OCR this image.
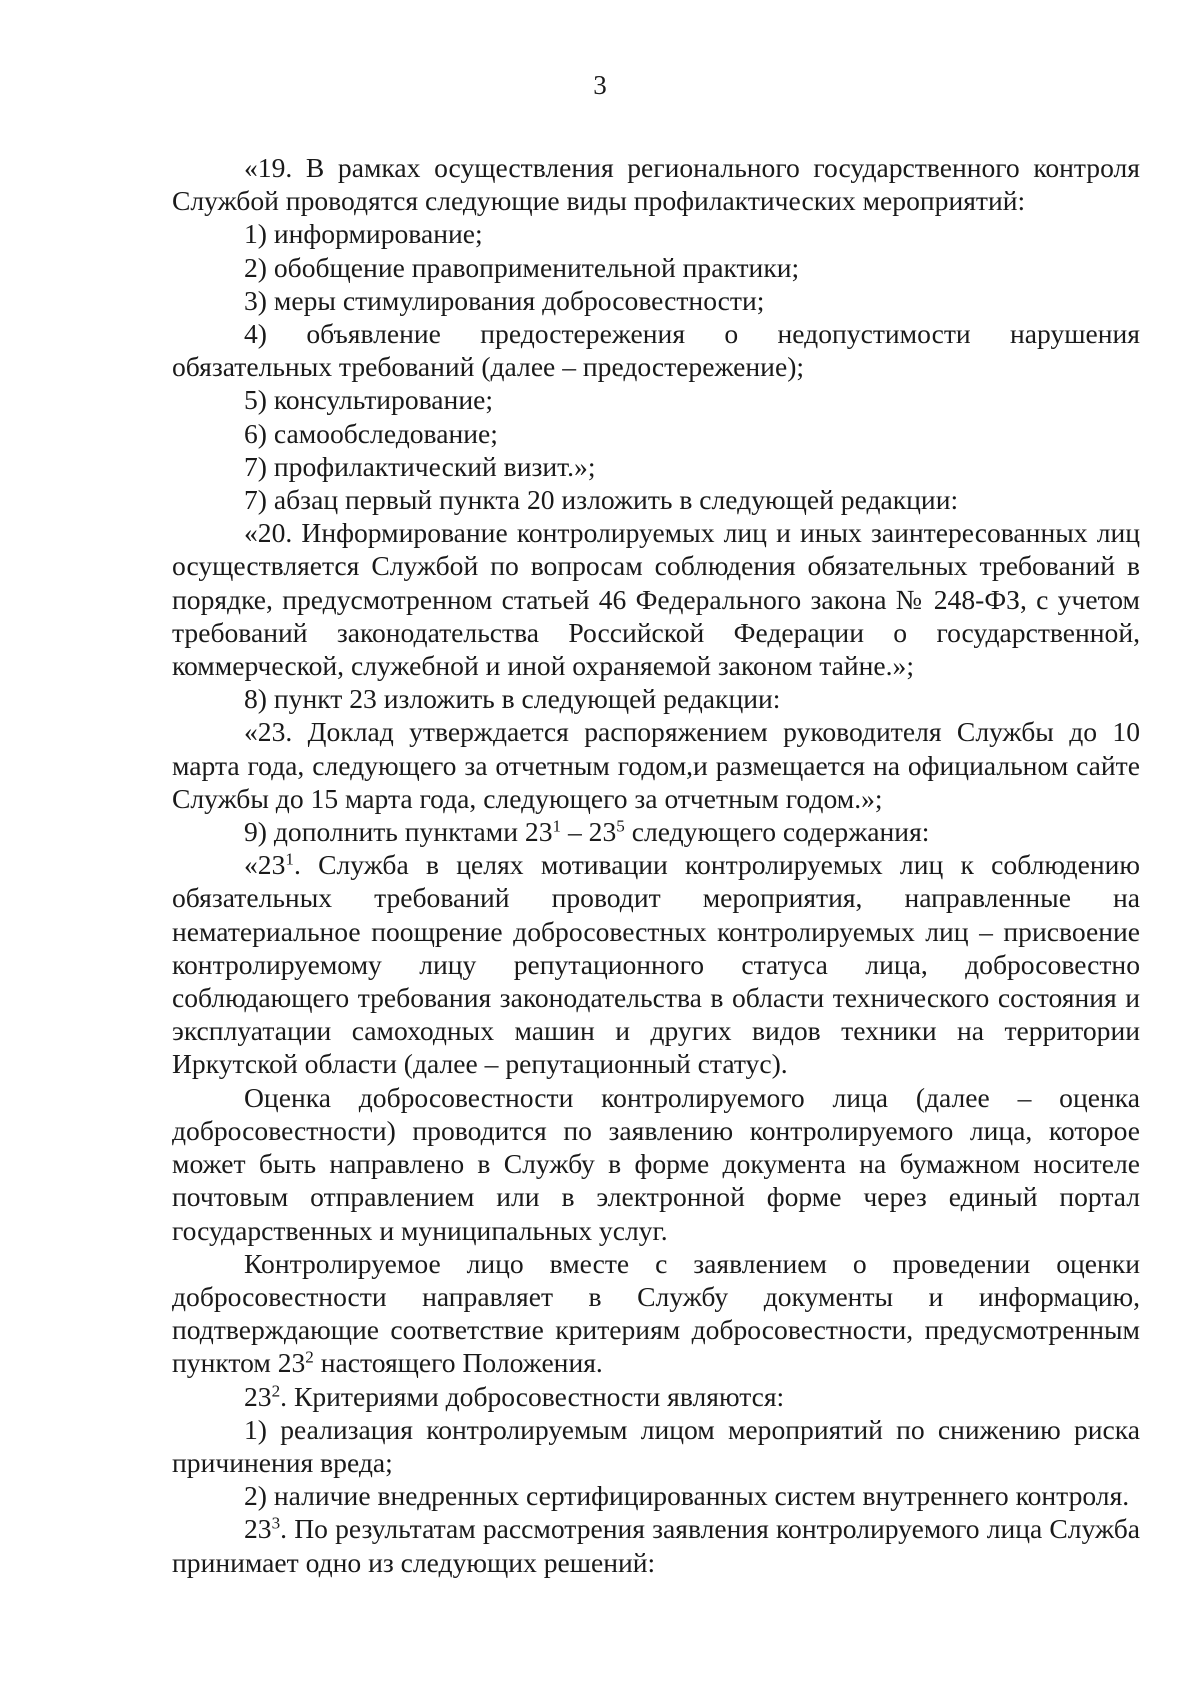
3

«19. В рамках осуществления регионального государственного контроля Службой проводятся следующие виды профилактических мероприятий:

1) информирование;

2) обобщение правоприменительной практики;

3) меры стимулирования добросовестности;

4) объявление предостережения о недопустимости нарушения обязательных требований (далее – предостережение);

5) консультирование;

6) самообследование;

7) профилактический визит.»;

7) абзац первый пункта 20 изложить в следующей редакции:

«20. Информирование контролируемых лиц и иных заинтересованных лиц осуществляется Службой по вопросам соблюдения обязательных требований в порядке, предусмотренном статьей 46 Федерального закона № 248-ФЗ, с учетом требований законодательства Российской Федерации о государственной, коммерческой, служебной и иной охраняемой законом тайне.»;

8) пункт 23 изложить в следующей редакции:

«23. Доклад утверждается распоряжением руководителя Службы до 10 марта года, следующего за отчетным годом,и размещается на официальном сайте Службы до 15 марта года, следующего за отчетным годом.»;

9) дополнить пунктами $23^1 - 23^5$ следующего содержания:

«$23^1$. Служба в целях мотивации контролируемых лиц к соблюдению обязательных требований проводит мероприятия, направленные на нематериальное поощрение добросовестных контролируемых лиц – присвоение контролируемому лицу репутационного статуса лица, добросовестно соблюдающего требования законодательства в области технического состояния и эксплуатации самоходных машин и других видов техники на территории Иркутской области (далее – репутационный статус).

Оценка добросовестности контролируемого лица (далее – оценка добросовестности) проводится по заявлению контролируемого лица, которое может быть направлено в Службу в форме документа на бумажном носителе почтовым отправлением или в электронной форме через единый портал государственных и муниципальных услуг.

Контролируемое лицо вместе с заявлением о проведении оценки добросовестности направляет в Службу документы и информацию, подтверждающие соответствие критериям добросовестности, предусмотренным пунктом $23^2$ настоящего Положения.

$23^2$. Критериями добросовестности являются:

1) реализация контролируемым лицом мероприятий по снижению риска причинения вреда;

2) наличие внедренных сертифицированных систем внутреннего контроля.

$23^3$. По результатам рассмотрения заявления контролируемого лица Служба принимает одно из следующих решений:
